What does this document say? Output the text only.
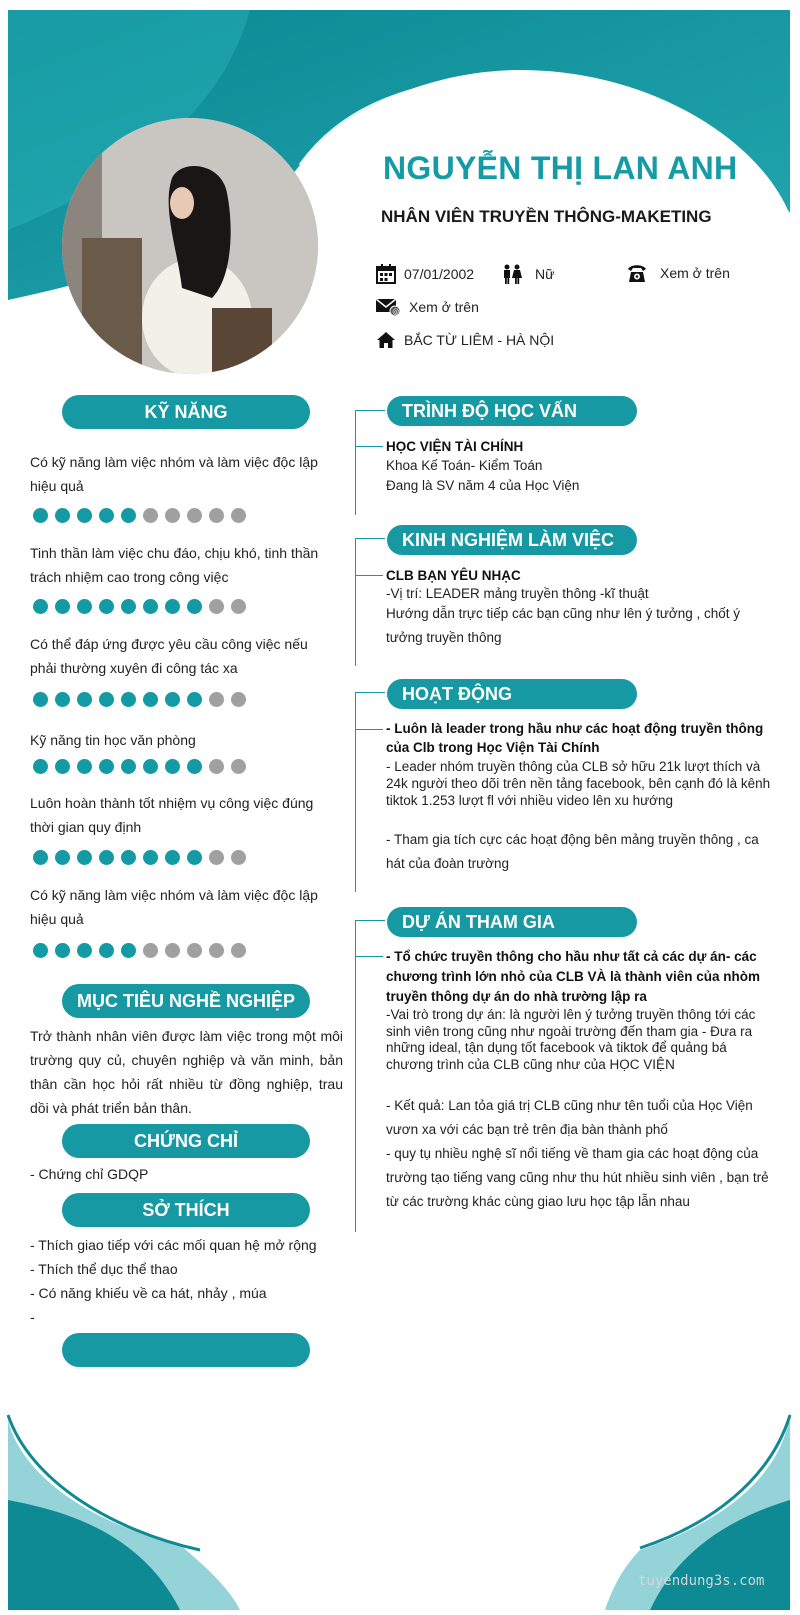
NGUYỄN THỊ LAN ANH
NHÂN VIÊN TRUYỀN THÔNG-MAKETING
07/01/2002	Nữ	Xem ở trên
@ Xem ở trên
BẮC TỪ LIÊM - HÀ NỘI
KỸ NĂNG
Có kỹ năng làm việc nhóm và làm việc độc lập hiệu quả
Tinh thần làm việc chu đáo, chịu khó, tinh thần trách nhiệm cao trong công việc
Có thể đáp ứng được yêu cầu công việc nếu phải thường xuyên đi công tác xa
Kỹ năng tin học văn phòng
Luôn hoàn thành tốt nhiệm vụ công việc đúng thời gian quy định
Có kỹ năng làm việc nhóm và làm việc độc lập hiệu quả
MỤC TIÊU NGHỀ NGHIỆP
Trở thành nhân viên được làm việc trong một môi trường quy củ, chuyên nghiệp và văn minh, bản thân cần học hỏi rất nhiều từ đồng nghiệp, trau dồi và phát triển bản thân.
CHỨNG CHỈ
- Chứng chỉ GDQP
SỞ THÍCH
- Thích giao tiếp với các mối quan hệ mở rộng
- Thích thể dục thể thao
- Có năng khiếu về ca hát, nhảy , múa
-
TRÌNH ĐỘ HỌC VẤN
HỌC VIỆN TÀI CHÍNH
Khoa Kế Toán- Kiểm Toán
Đang là SV năm 4 của Học Viện
KINH NGHIỆM LÀM VIỆC
CLB BẠN YÊU NHẠC
-Vị trí: LEADER mảng truyền thông -kĩ thuật
Hướng dẫn trực tiếp các bạn cũng như lên ý tưởng , chốt ý tưởng truyền thông
HOẠT ĐỘNG
- Luôn là leader trong hầu như các hoạt động truyền thông của Clb trong Học Viện Tài Chính
- Leader nhóm truyền thông của CLB sở hữu 21k lượt thích và 24k người theo dõi trên nền tảng facebook, bên cạnh đó là kênh tiktok 1.253 lượt fl với nhiều video lên xu hướng
- Tham gia tích cực các hoạt động bên mảng truyền thông , ca hát của đoàn trường
DỰ ÁN THAM GIA
- Tổ chức truyền thông cho hầu như tất cả các dự án- các chương trình lớn nhỏ của CLB VÀ là thành viên của nhòm truyền thông dự án do nhà trường lập ra
-Vai trò trong dự án: là người lên ý tưởng truyền thông tới các sinh viên trong cũng như ngoài trường đến tham gia - Đưa ra những ideal, tận dụng tốt facebook và tiktok để quảng bá chương trình của CLB cũng như của HỌC VIỆN
- Kết quả: Lan tỏa giá trị CLB cũng như tên tuổi của Học Viện vươn xa với các bạn trẻ trên địa bàn thành phố
- quy tụ nhiều nghệ sĩ nổi tiếng về tham gia các hoạt động của trường tạo tiếng vang cũng như thu hút nhiều sinh viên , bạn trẻ từ các trường khác cùng giao lưu học tập lẫn nhau
tuyendung3s.com
